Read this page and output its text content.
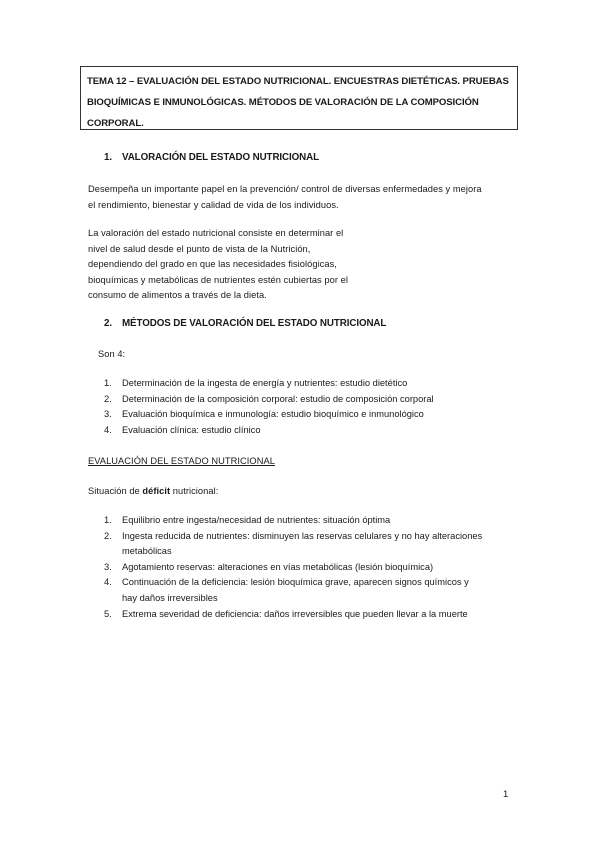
TEMA 12 – EVALUACIÓN DEL ESTADO NUTRICIONAL. ENCUESTRAS DIETÉTICAS. PRUEBAS
BIOQUÍMICAS E INMUNOLÓGICAS. MÉTODOS DE VALORACIÓN DE LA COMPOSICIÓN
CORPORAL.
1. VALORACIÓN DEL ESTADO NUTRICIONAL
Desempeña un importante papel en la prevención/ control de diversas enfermedades y mejora
el rendimiento, bienestar y calidad de vida de los individuos.
La valoración del estado nutricional consiste en determinar el
nivel de salud desde el punto de vista de la Nutrición,
dependiendo del grado en que las necesidades fisiológicas,
bioquímicas y metabólicas de nutrientes estén cubiertas por el
consumo de alimentos a través de la dieta.
2. MÉTODOS DE VALORACIÓN DEL ESTADO NUTRICIONAL
Son 4:
1.	Determinación de la ingesta de energía y nutrientes: estudio dietético
2.	Determinación de la composición corporal: estudio de composición corporal
3.	Evaluación bioquímica e inmunología: estudio bioquímico e inmunológico
4.	Evaluación clínica: estudio clínico
EVALUACIÓN DEL ESTADO NUTRICIONAL
Situación de déficit nutricional:
1.	Equilibrio entre ingesta/necesidad de nutrientes: situación óptima
2.	Ingesta reducida de nutrientes: disminuyen las reservas celulares y no hay alteraciones
metabólicas
3.	Agotamiento reservas: alteraciones en vías metabólicas (lesión bioquímica)
4.	Continuación de la deficiencia: lesión bioquímica grave, aparecen signos químicos y
hay daños irreversibles
5.	Extrema severidad de deficiencia: daños irreversibles que pueden llevar a la muerte
1
